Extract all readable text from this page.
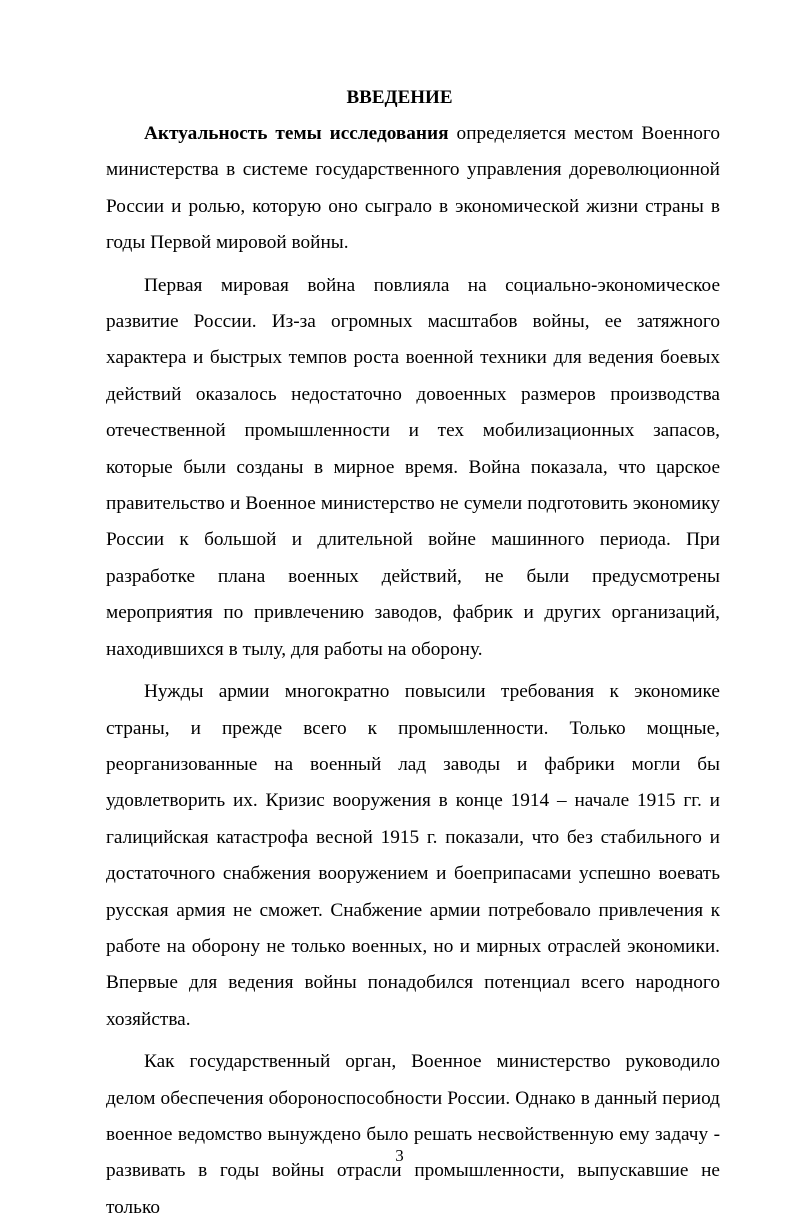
ВВЕДЕНИЕ

Актуальность темы исследования определяется местом Военного министерства в системе государственного управления дореволюционной России и ролью, которую оно сыграло в экономической жизни страны в годы Первой мировой войны.

Первая мировая война повлияла на социально-экономическое развитие России. Из-за огромных масштабов войны, ее затяжного характера и быстрых темпов роста военной техники для ведения боевых действий оказалось недостаточно довоенных размеров производства отечественной промышленности и тех мобилизационных запасов, которые были созданы в мирное время. Война показала, что царское правительство и Военное министерство не сумели подготовить экономику России к большой и длительной войне машинного периода. При разработке плана военных действий, не были предусмотрены мероприятия по привлечению заводов, фабрик и других организаций, находившихся в тылу, для работы на оборону.

Нужды армии многократно повысили требования к экономике страны, и прежде всего к промышленности. Только мощные, реорганизованные на военный лад заводы и фабрики могли бы удовлетворить их. Кризис вооружения в конце 1914 – начале 1915 гг. и галицийская катастрофа весной 1915 г. показали, что без стабильного и достаточного снабжения вооружением и боеприпасами успешно воевать русская армия не сможет. Снабжение армии потребовало привлечения к работе на оборону не только военных, но и мирных отраслей экономики. Впервые для ведения войны понадобился потенциал всего народного хозяйства.

Как государственный орган, Военное министерство руководило делом обеспечения обороноспособности России. Однако в данный период военное ведомство вынуждено было решать несвойственную ему задачу - развивать в годы войны отрасли промышленности, выпускавшие не только

3
